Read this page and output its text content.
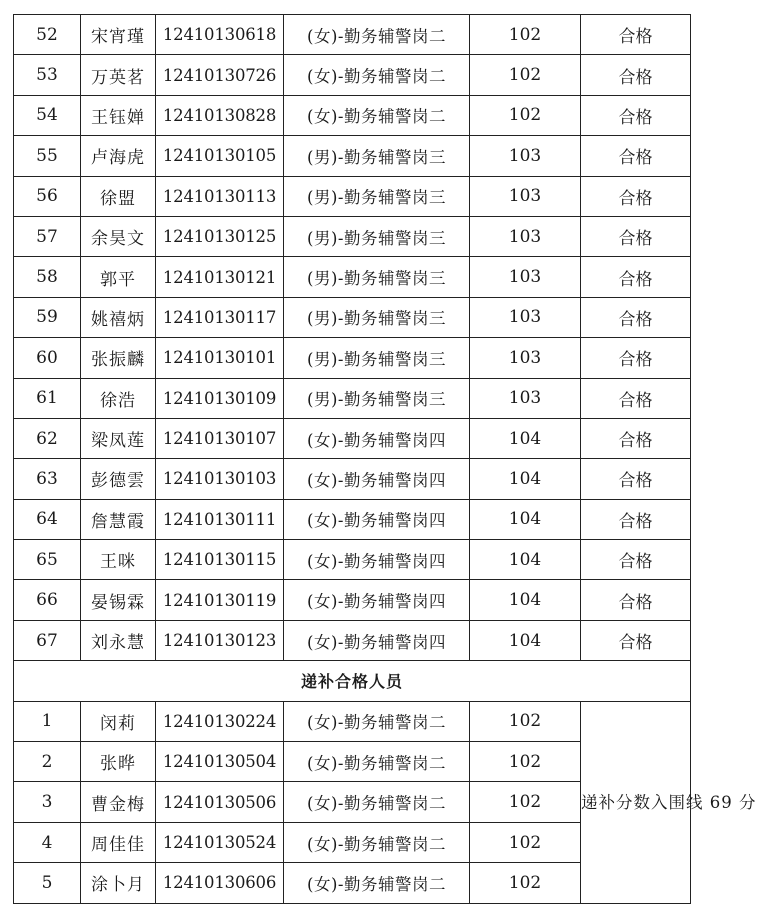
52	宋宵瑾	12410130618	(女)-勤务辅警岗二	102	合格
53	万英茗	12410130726	(女)-勤务辅警岗二	102	合格
54	王钰婵	12410130828	(女)-勤务辅警岗二	102	合格
55	卢海虎	12410130105	(男)-勤务辅警岗三	103	合格
56	徐盟	12410130113	(男)-勤务辅警岗三	103	合格
57	余昊文	12410130125	(男)-勤务辅警岗三	103	合格
58	郭平	12410130121	(男)-勤务辅警岗三	103	合格
59	姚禧炳	12410130117	(男)-勤务辅警岗三	103	合格
60	张振麟	12410130101	(男)-勤务辅警岗三	103	合格
61	徐浩	12410130109	(男)-勤务辅警岗三	103	合格
62	梁凤莲	12410130107	(女)-勤务辅警岗四	104	合格
63	彭德雲	12410130103	(女)-勤务辅警岗四	104	合格
64	詹慧霞	12410130111	(女)-勤务辅警岗四	104	合格
65	王咪	12410130115	(女)-勤务辅警岗四	104	合格
66	晏锡霖	12410130119	(女)-勤务辅警岗四	104	合格
67	刘永慧	12410130123	(女)-勤务辅警岗四	104	合格
递补合格人员					
1	闵莉	12410130224	(女)-勤务辅警岗二	102	递补分数入围线 69 分
2	张晔	12410130504	(女)-勤务辅警岗二	102	
3	曹金梅	12410130506	(女)-勤务辅警岗二	102	
4	周佳佳	12410130524	(女)-勤务辅警岗二	102	
5	涂卜月	12410130606	(女)-勤务辅警岗二	102	
